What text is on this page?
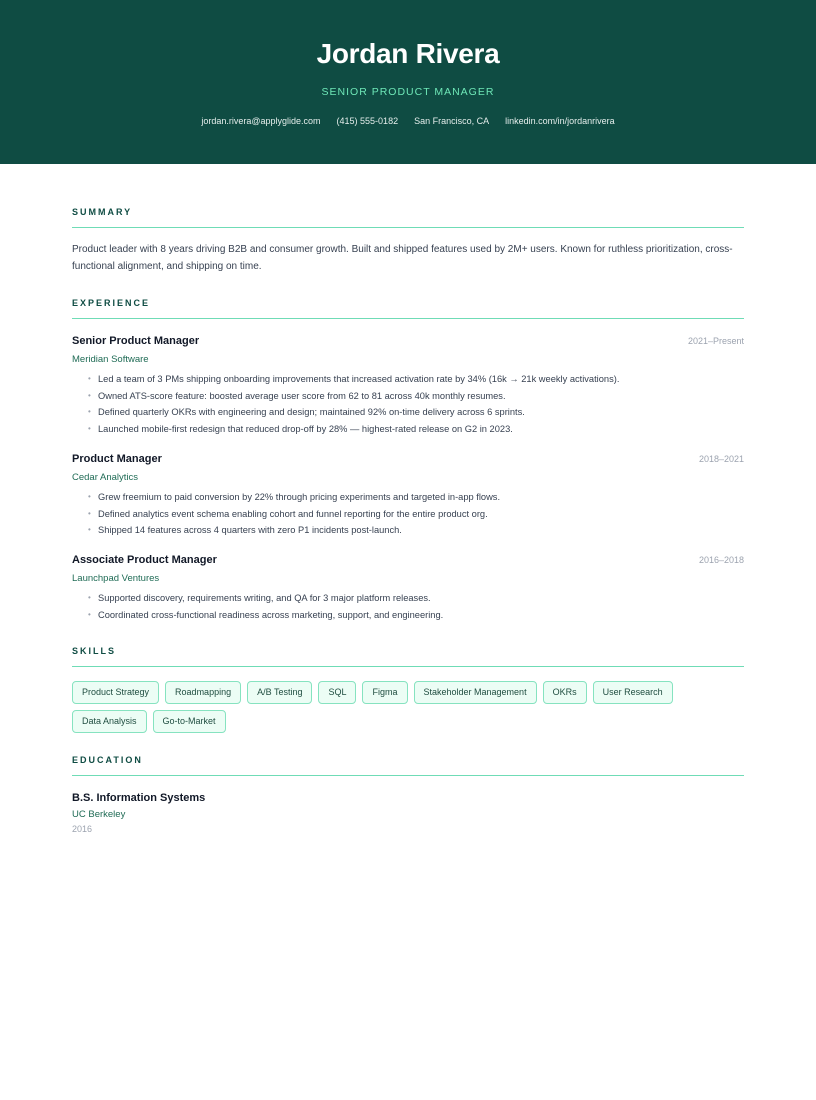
Jordan Rivera
SENIOR PRODUCT MANAGER
jordan.rivera@applyglide.com (415) 555-0182 San Francisco, CA linkedin.com/in/jordanrivera
SUMMARY
Product leader with 8 years driving B2B and consumer growth. Built and shipped features used by 2M+ users. Known for ruthless prioritization, cross-functional alignment, and shipping on time.
EXPERIENCE
Senior Product Manager	2021–Present
Meridian Software
• Led a team of 3 PMs shipping onboarding improvements that increased activation rate by 34% (16k → 21k weekly activations).
• Owned ATS-score feature: boosted average user score from 62 to 81 across 40k monthly resumes.
• Defined quarterly OKRs with engineering and design; maintained 92% on-time delivery across 6 sprints.
• Launched mobile-first redesign that reduced drop-off by 28% — highest-rated release on G2 in 2023.
Product Manager	2018–2021
Cedar Analytics
• Grew freemium to paid conversion by 22% through pricing experiments and targeted in-app flows.
• Defined analytics event schema enabling cohort and funnel reporting for the entire product org.
• Shipped 14 features across 4 quarters with zero P1 incidents post-launch.
Associate Product Manager	2016–2018
Launchpad Ventures
• Supported discovery, requirements writing, and QA for 3 major platform releases.
• Coordinated cross-functional readiness across marketing, support, and engineering.
SKILLS
Product Strategy	Roadmapping	A/B Testing	SQL	Figma	Stakeholder Management	OKRs	User Research
Data Analysis	Go-to-Market
EDUCATION
B.S. Information Systems
UC Berkeley
2016
